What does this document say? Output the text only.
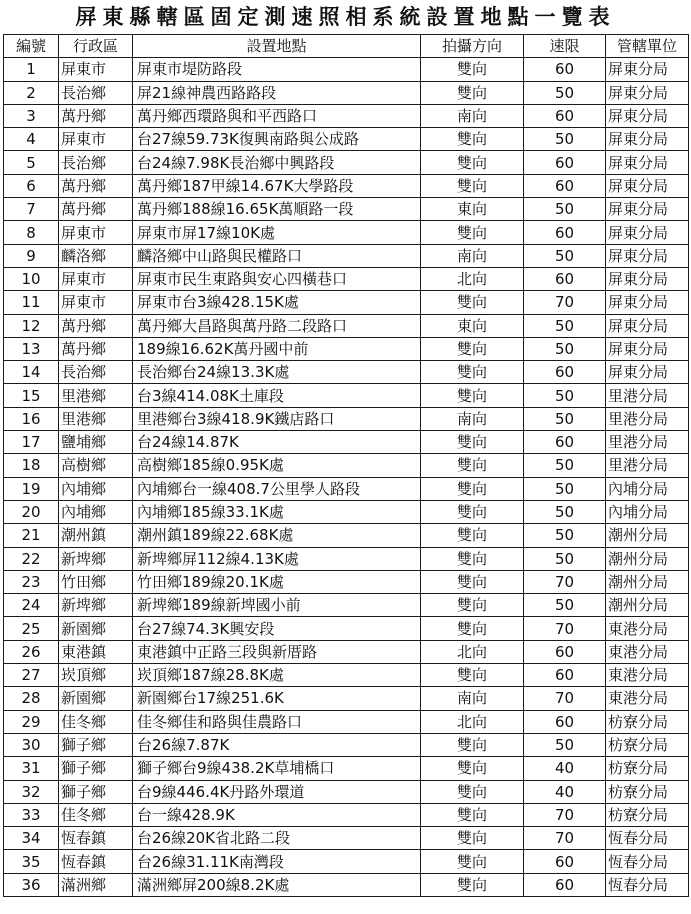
屏東縣轄區固定測速照相系統設置地點一覽表
編號	行政區	設置地點	拍攝方向	速限	管轄單位
1	屏東市	屏東市堤防路段	雙向	60	屏東分局
2	長治鄉	屏21線神農西路路段	雙向	50	屏東分局
3	萬丹鄉	萬丹鄉西環路與和平西路口	南向	60	屏東分局
4	屏東市	台27線59.73K復興南路與公成路	雙向	50	屏東分局
5	長治鄉	台24線7.98K長治鄉中興路段	雙向	60	屏東分局
6	萬丹鄉	萬丹鄉187甲線14.67K大學路段	雙向	60	屏東分局
7	萬丹鄉	萬丹鄉188線16.65K萬順路一段	東向	50	屏東分局
8	屏東市	屏東市屏17線10K處	雙向	60	屏東分局
9	麟洛鄉	麟洛鄉中山路與民權路口	南向	50	屏東分局
10	屏東市	屏東市民生東路與安心四橫巷口	北向	60	屏東分局
11	屏東市	屏東市台3線428.15K處	雙向	70	屏東分局
12	萬丹鄉	萬丹鄉大昌路與萬丹路二段路口	東向	50	屏東分局
13	萬丹鄉	189線16.62K萬丹國中前	雙向	50	屏東分局
14	長治鄉	長治鄉台24線13.3K處	雙向	60	屏東分局
15	里港鄉	台3線414.08K土庫段	雙向	50	里港分局
16	里港鄉	里港鄉台3線418.9K鐵店路口	南向	50	里港分局
17	鹽埔鄉	台24線14.87K	雙向	60	里港分局
18	高樹鄉	高樹鄉185線0.95K處	雙向	50	里港分局
19	內埔鄉	內埔鄉台一線408.7公里學人路段	雙向	50	內埔分局
20	內埔鄉	內埔鄉185線33.1K處	雙向	50	內埔分局
21	潮州鎮	潮州鎮189線22.68K處	雙向	50	潮州分局
22	新埤鄉	新埤鄉屏112線4.13K處	雙向	50	潮州分局
23	竹田鄉	竹田鄉189線20.1K處	雙向	70	潮州分局
24	新埤鄉	新埤鄉189線新埤國小前	雙向	50	潮州分局
25	新園鄉	台27線74.3K興安段	雙向	70	東港分局
26	東港鎮	東港鎮中正路三段與新厝路	北向	60	東港分局
27	崁頂鄉	崁頂鄉187線28.8K處	雙向	60	東港分局
28	新園鄉	新園鄉台17線251.6K	南向	70	東港分局
29	佳冬鄉	佳冬鄉佳和路與佳農路口	北向	60	枋寮分局
30	獅子鄉	台26線7.87K	雙向	50	枋寮分局
31	獅子鄉	獅子鄉台9線438.2K草埔橋口	雙向	40	枋寮分局
32	獅子鄉	台9線446.4K丹路外環道	雙向	40	枋寮分局
33	佳冬鄉	台一線428.9K	雙向	70	枋寮分局
34	恆春鎮	台26線20K省北路二段	雙向	70	恆春分局
35	恆春鎮	台26線31.11K南灣段	雙向	60	恆春分局
36	滿洲鄉	滿洲鄉屏200線8.2K處	雙向	60	恆春分局
